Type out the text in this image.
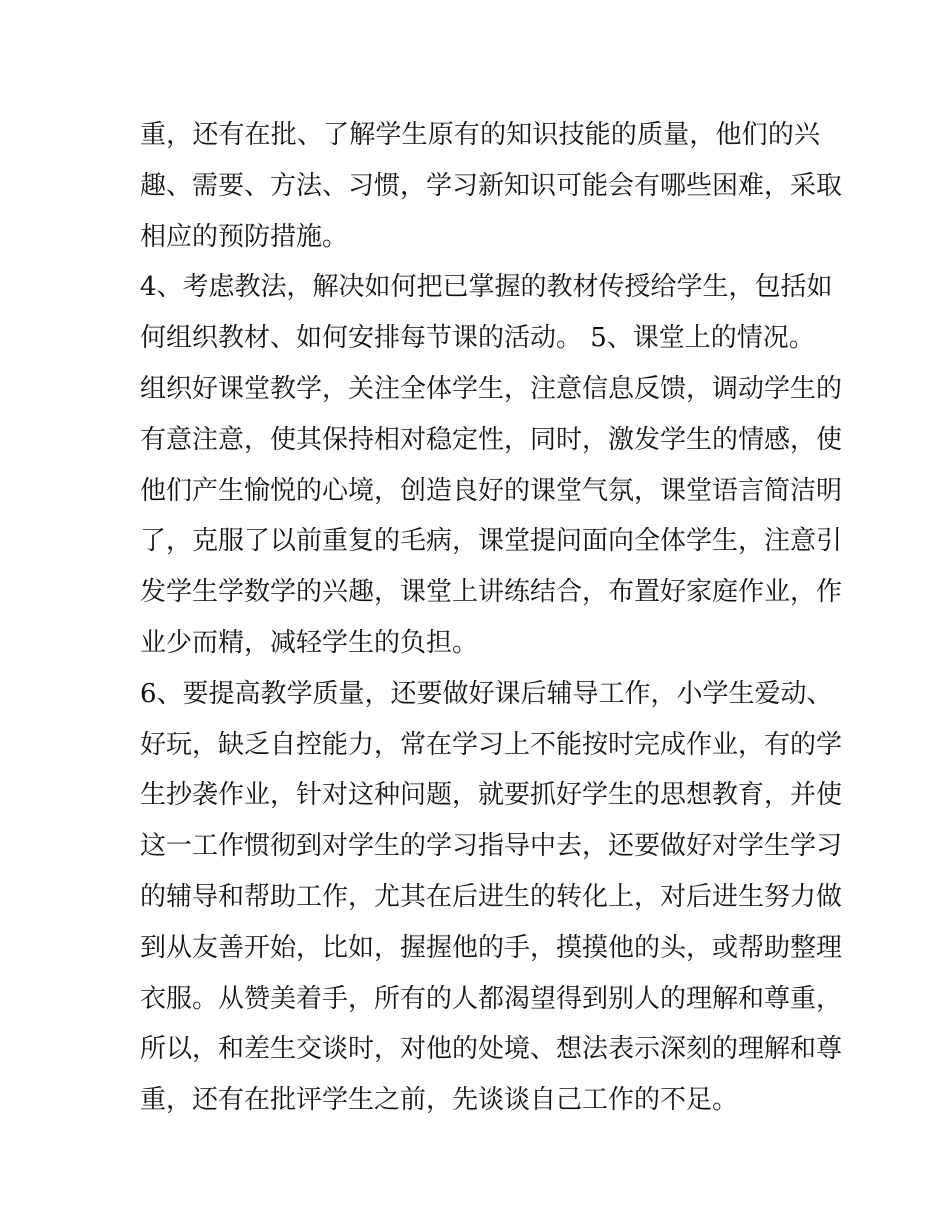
重，还有在批、了解学生原有的知识技能的质量，他们的兴
趣、需要、方法、习惯，学习新知识可能会有哪些困难，采取
相应的预防措施。
4、考虑教法，解决如何把已掌握的教材传授给学生，包括如
何组织教材、如何安排每节课的活动。 5、课堂上的情况。
组织好课堂教学，关注全体学生，注意信息反馈，调动学生的
有意注意，使其保持相对稳定性，同时，激发学生的情感，使
他们产生愉悦的心境，创造良好的课堂气氛，课堂语言简洁明
了，克服了以前重复的毛病，课堂提问面向全体学生，注意引
发学生学数学的兴趣，课堂上讲练结合，布置好家庭作业，作
业少而精，减轻学生的负担。
6、要提高教学质量，还要做好课后辅导工作，小学生爱动、
好玩，缺乏自控能力，常在学习上不能按时完成作业，有的学
生抄袭作业，针对这种问题，就要抓好学生的思想教育，并使
这一工作惯彻到对学生的学习指导中去，还要做好对学生学习
的辅导和帮助工作，尤其在后进生的转化上，对后进生努力做
到从友善开始，比如，握握他的手，摸摸他的头，或帮助整理
衣服。从赞美着手，所有的人都渴望得到别人的理解和尊重，
所以，和差生交谈时，对他的处境、想法表示深刻的理解和尊
重，还有在批评学生之前，先谈谈自己工作的不足。
